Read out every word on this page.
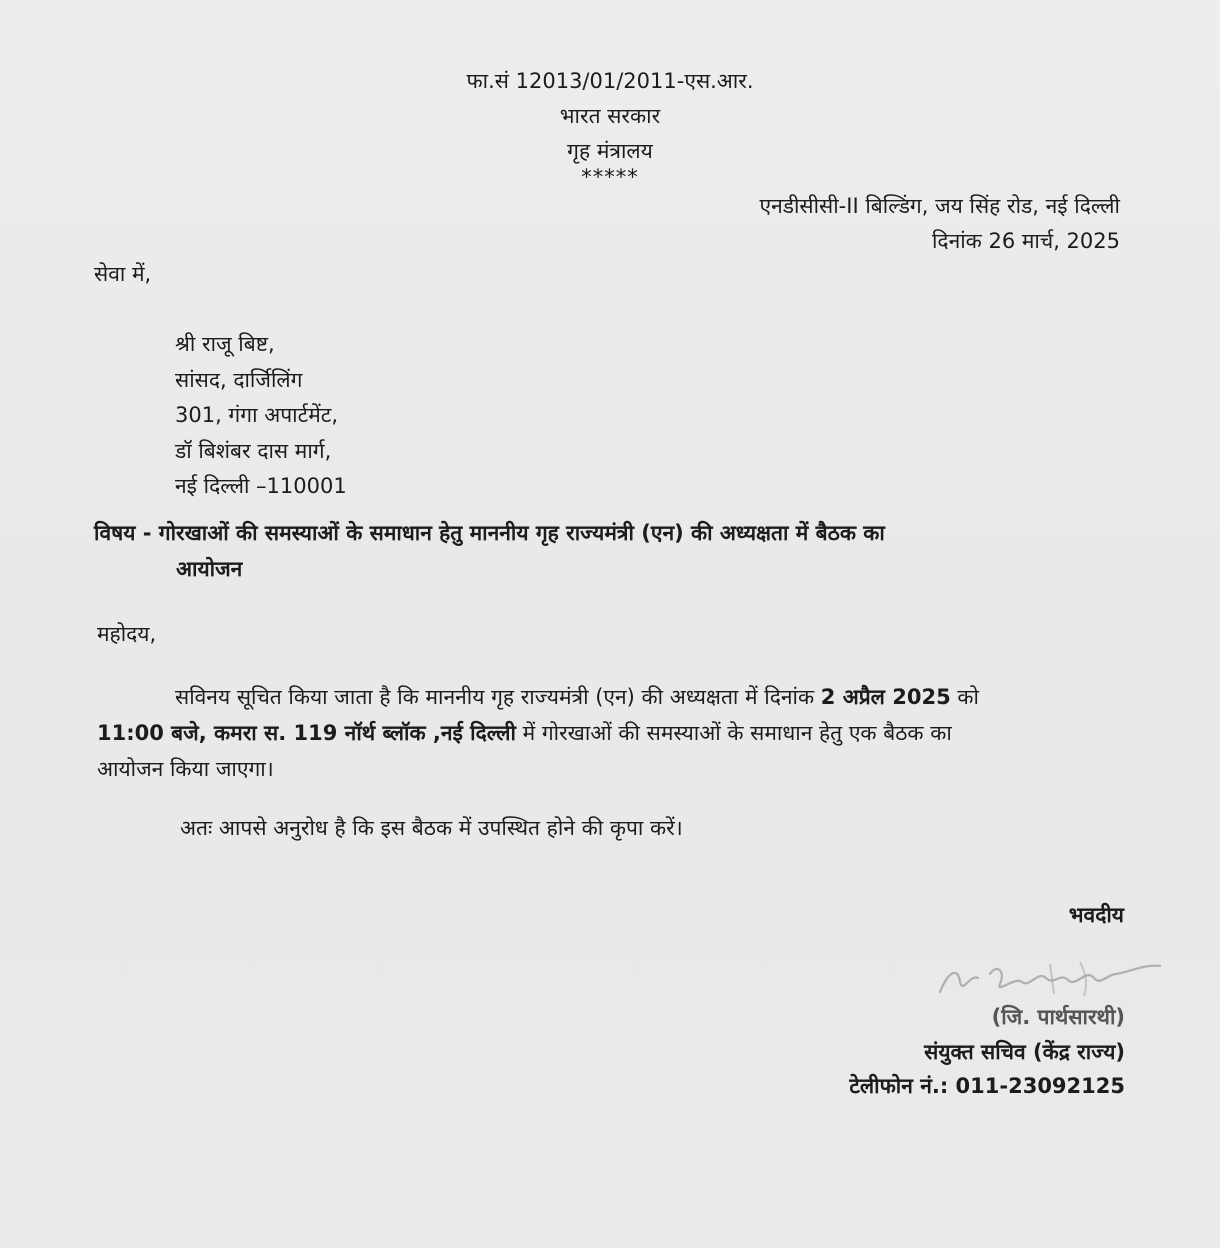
फा.सं 12013/01/2011-एस.आर.
भारत सरकार
गृह मंत्रालय
*****
एनडीसीसी-II बिल्डिंग, जय सिंह रोड, नई दिल्ली
दिनांक 26 मार्च, 2025
सेवा में,
श्री राजू बिष्ट,
सांसद, दार्जिलिंग
301, गंगा अपार्टमेंट,
डॉ बिशंबर दास मार्ग,
नई दिल्ली –110001
विषय - गोरखाओं की समस्याओं के समाधान हेतु माननीय गृह राज्यमंत्री (एन) की अध्यक्षता में बैठक का
आयोजन
महोदय,
सविनय सूचित किया जाता है कि माननीय गृह राज्यमंत्री (एन) की अध्यक्षता में दिनांक 2 अप्रैल 2025 को
11:00 बजे, कमरा स. 119 नॉर्थ ब्लॉक ,नई दिल्ली में गोरखाओं की समस्याओं के समाधान हेतु एक बैठक का
आयोजन किया जाएगा।
अतः आपसे अनुरोध है कि इस बैठक में उपस्थित होने की कृपा करें।
भवदीय
(जि. पार्थसारथी)
संयुक्त सचिव (केंद्र राज्य)
टेलीफोन नं.: 011-23092125
